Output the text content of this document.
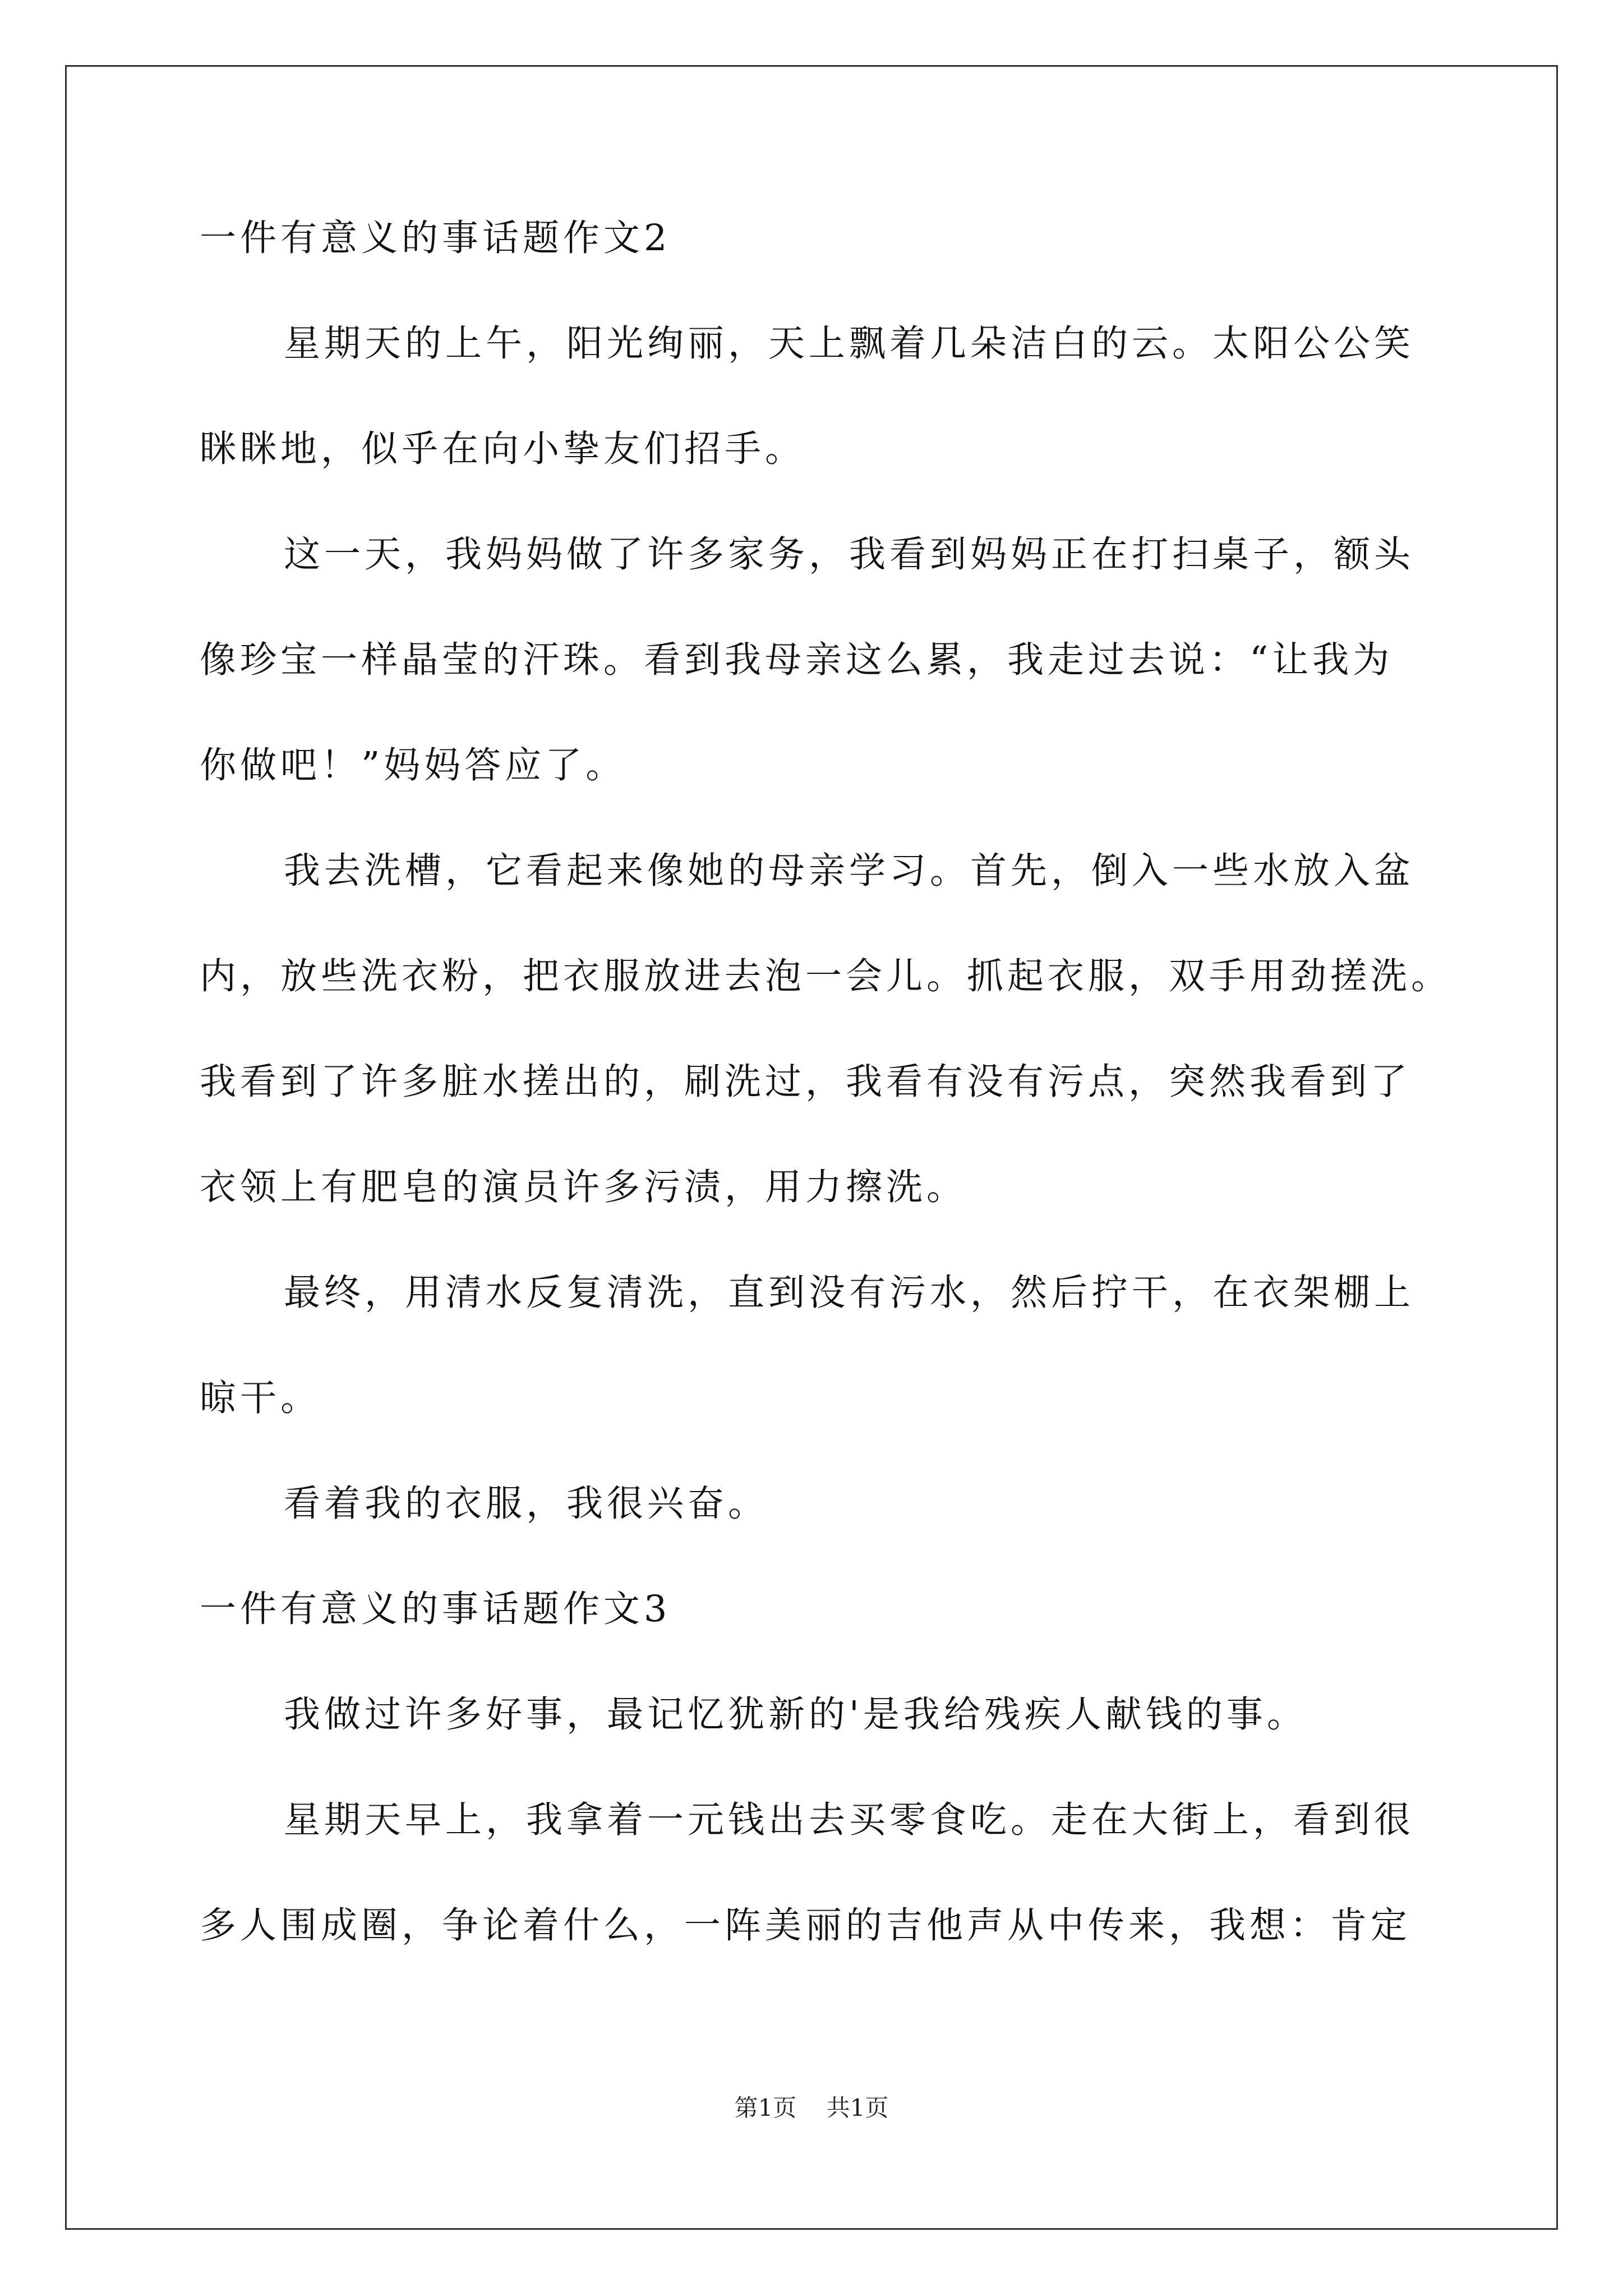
一件有意义的事话题作文2
星期天的上午，阳光绚丽，天上飘着几朵洁白的云。太阳公公笑
眯眯地，似乎在向小挚友们招手。
这一天，我妈妈做了许多家务，我看到妈妈正在打扫桌子，额头
像珍宝一样晶莹的汗珠。看到我母亲这么累，我走过去说：“让我为
你做吧！”妈妈答应了。
我去洗槽，它看起来像她的母亲学习。首先，倒入一些水放入盆
内，放些洗衣粉，把衣服放进去泡一会儿。抓起衣服，双手用劲搓洗。
我看到了许多脏水搓出的，刷洗过，我看有没有污点，突然我看到了
衣领上有肥皂的演员许多污渍，用力擦洗。
最终，用清水反复清洗，直到没有污水，然后拧干，在衣架棚上
晾干。
看着我的衣服，我很兴奋。
一件有意义的事话题作文3
我做过许多好事，最记忆犹新的'是我给残疾人献钱的事。
星期天早上，我拿着一元钱出去买零食吃。走在大街上，看到很
多人围成圈，争论着什么，一阵美丽的吉他声从中传来，我想：肯定
第1页 共1页
